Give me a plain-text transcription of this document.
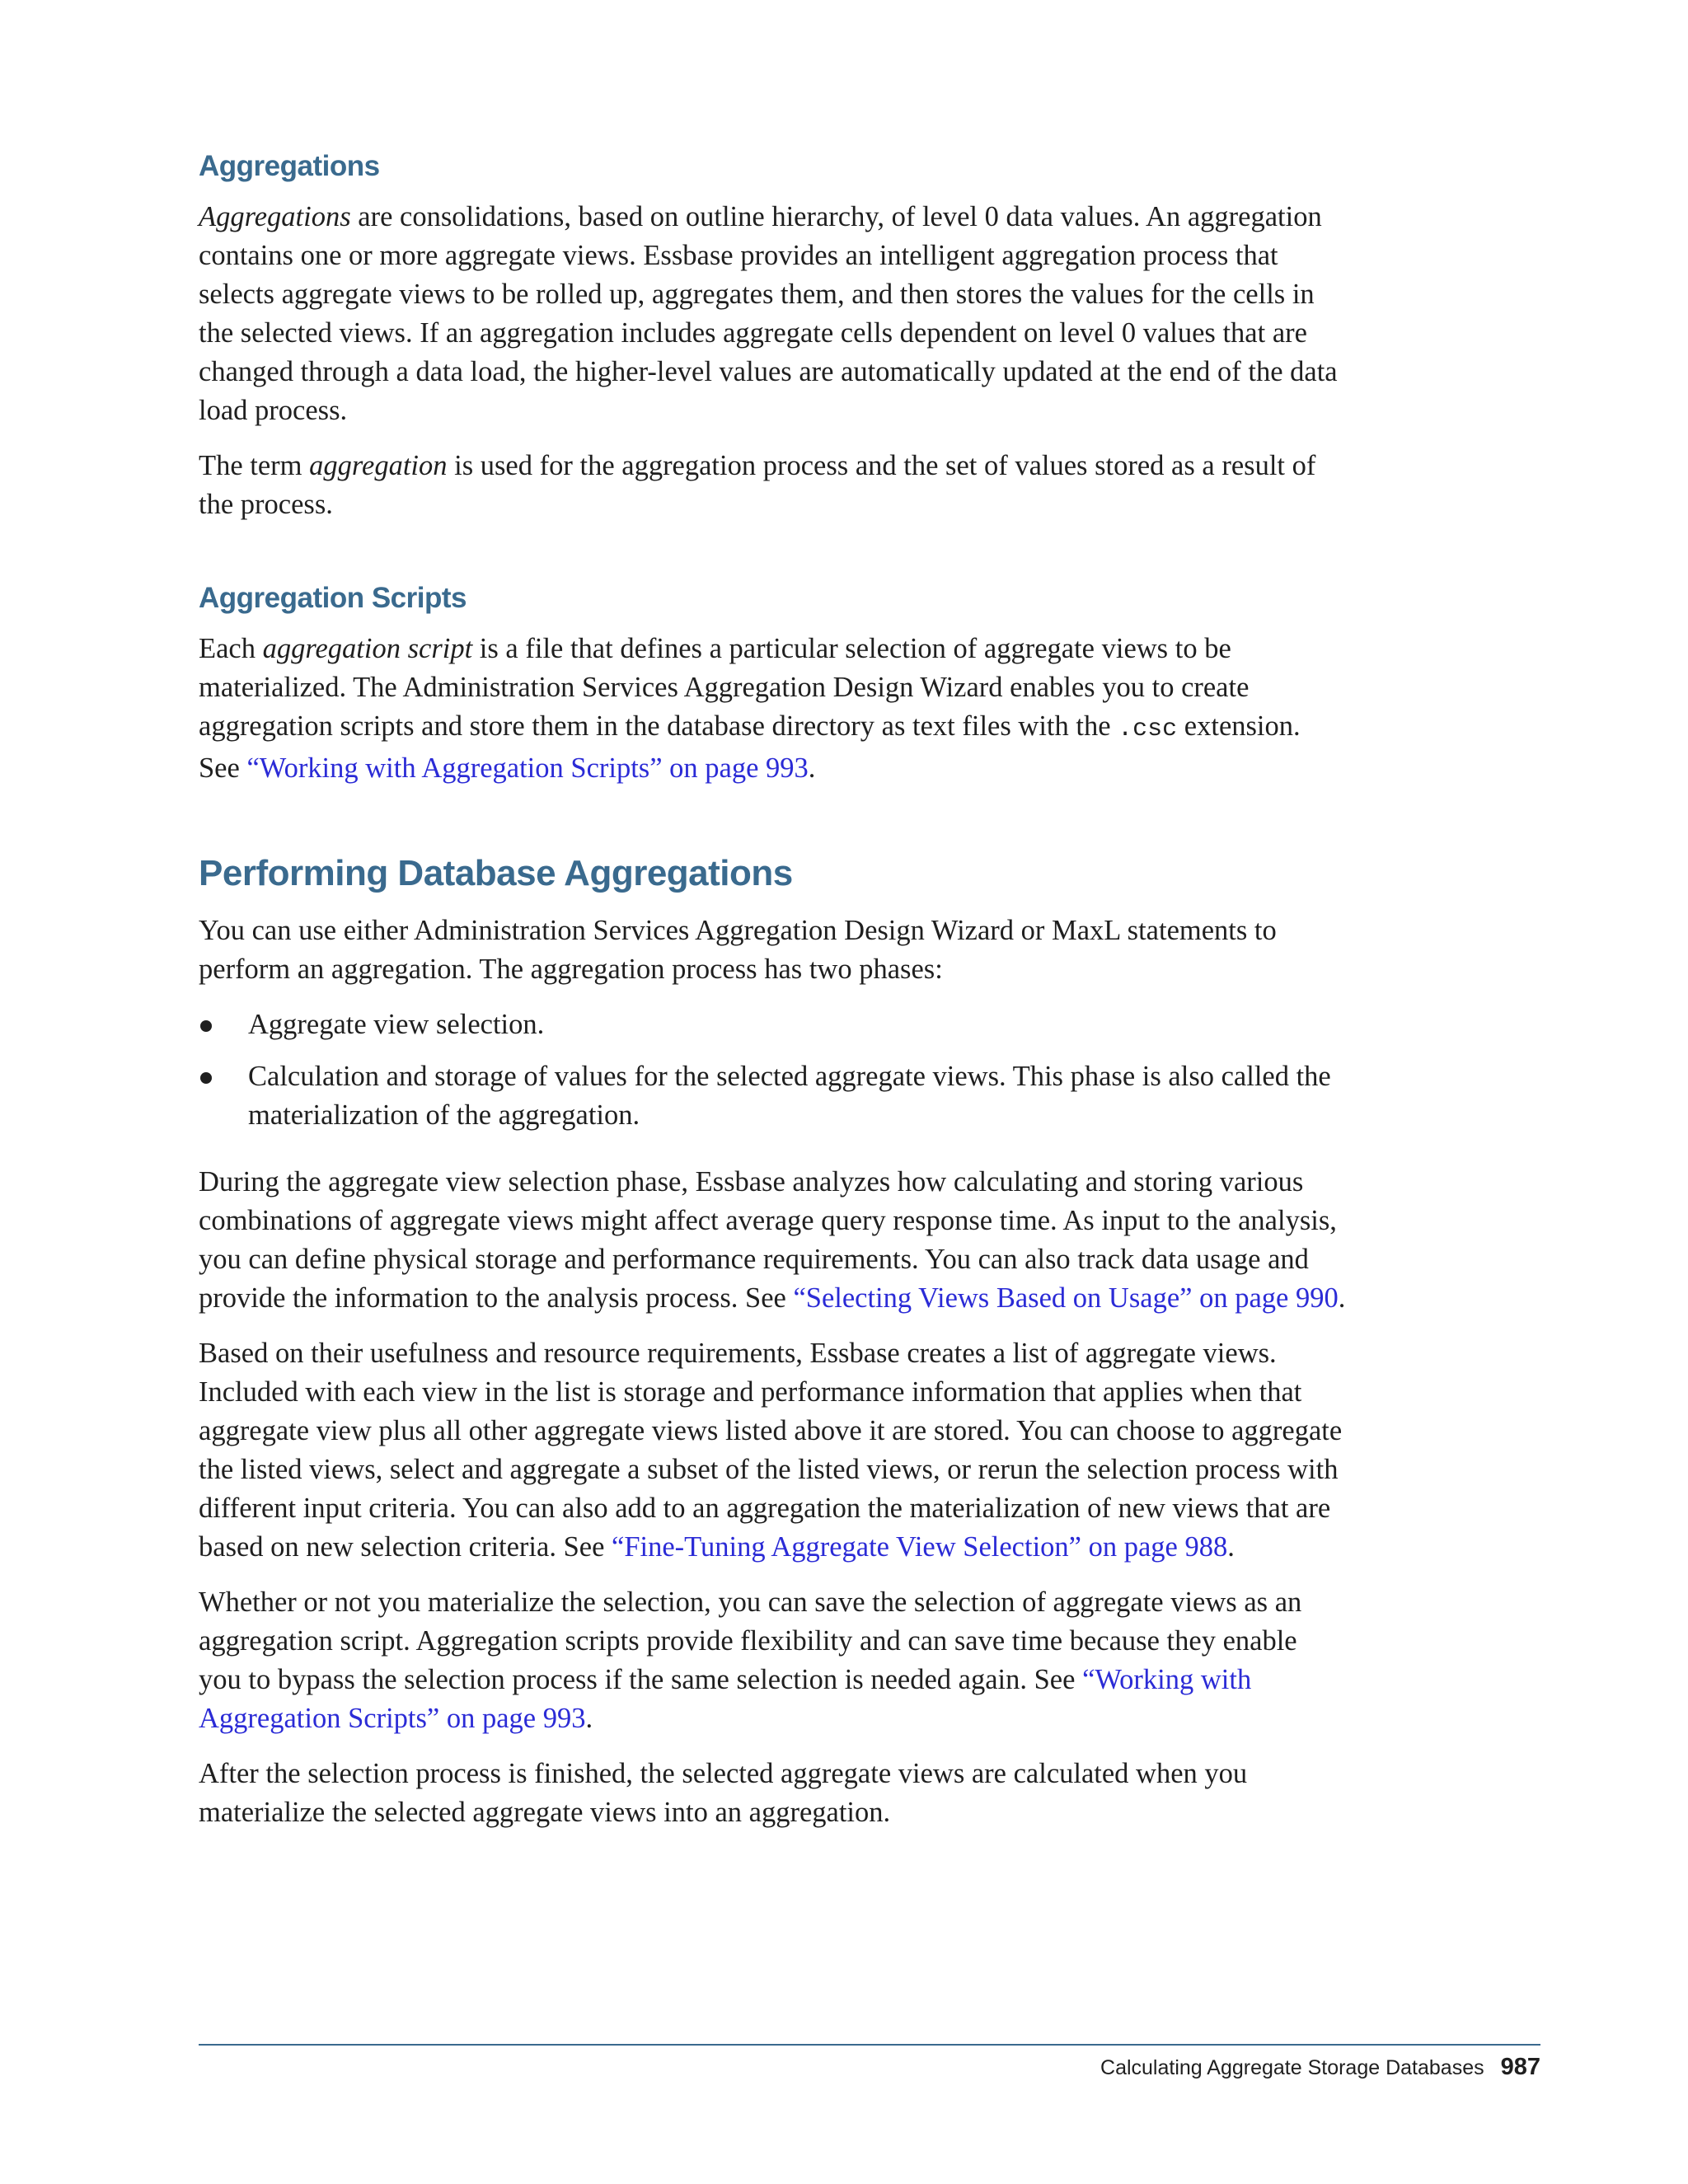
Aggregations

Aggregations are consolidations, based on outline hierarchy, of level 0 data values. An aggregation contains one or more aggregate views. Essbase provides an intelligent aggregation process that selects aggregate views to be rolled up, aggregates them, and then stores the values for the cells in the selected views. If an aggregation includes aggregate cells dependent on level 0 values that are changed through a data load, the higher-level values are automatically updated at the end of the data load process.

The term aggregation is used for the aggregation process and the set of values stored as a result of the process.

Aggregation Scripts

Each aggregation script is a file that defines a particular selection of aggregate views to be materialized. The Administration Services Aggregation Design Wizard enables you to create aggregation scripts and store them in the database directory as text files with the .csc extension. See “Working with Aggregation Scripts” on page 993.

Performing Database Aggregations

You can use either Administration Services Aggregation Design Wizard or MaxL statements to perform an aggregation. The aggregation process has two phases:

Aggregate view selection.
Calculation and storage of values for the selected aggregate views. This phase is also called the materialization of the aggregation.

During the aggregate view selection phase, Essbase analyzes how calculating and storing various combinations of aggregate views might affect average query response time. As input to the analysis, you can define physical storage and performance requirements. You can also track data usage and provide the information to the analysis process. See “Selecting Views Based on Usage” on page 990.

Based on their usefulness and resource requirements, Essbase creates a list of aggregate views. Included with each view in the list is storage and performance information that applies when that aggregate view plus all other aggregate views listed above it are stored. You can choose to aggregate the listed views, select and aggregate a subset of the listed views, or rerun the selection process with different input criteria. You can also add to an aggregation the materialization of new views that are based on new selection criteria. See “Fine-Tuning Aggregate View Selection” on page 988.

Whether or not you materialize the selection, you can save the selection of aggregate views as an aggregation script. Aggregation scripts provide flexibility and can save time because they enable you to bypass the selection process if the same selection is needed again. See “Working with Aggregation Scripts” on page 993.

After the selection process is finished, the selected aggregate views are calculated when you materialize the selected aggregate views into an aggregation.

Calculating Aggregate Storage Databases 987
